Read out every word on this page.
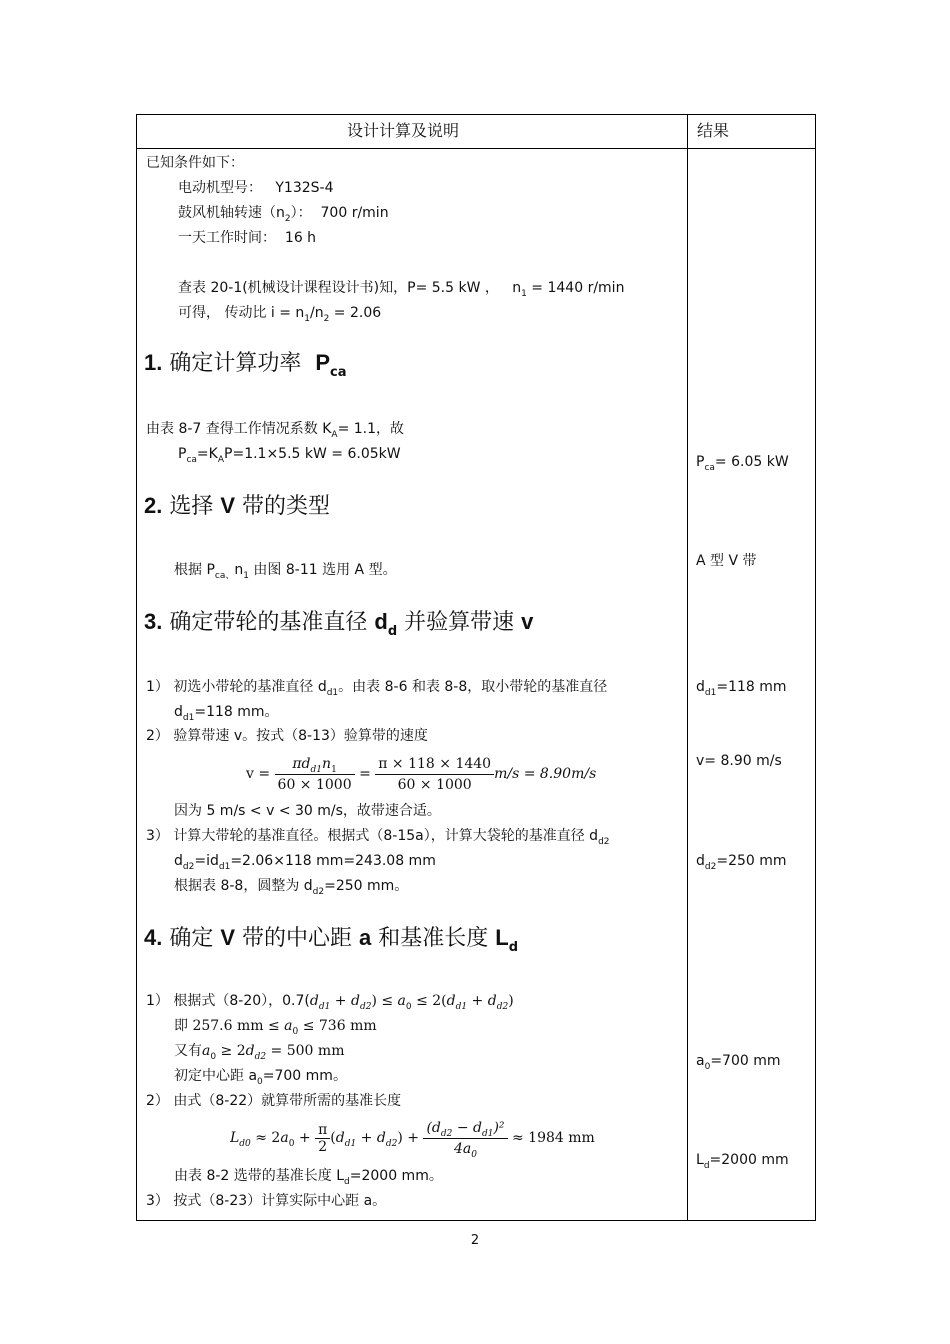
设计计算及说明	结果
已知条件如下：
电动机型号： Y132S-4
鼓风机轴转速$(n_2)$： 700 r/min
一天工作时间： 16 h
查表 20-1(机械设计课程设计书)知，P= 5.5 kW ， $n_1 = 1440$ r/min
可得， 传动比 $i = n_1/n_2 = 2.06$
1. 确定计算功率  $P_{ca}$
由表 8-7 查得工作情况系数 $K_A= 1.1$，故
$P_{ca}=K_AP=1.1\times 5.5$ kW = 6.05kW	$P_{ca}= 6.05$ kW
2. 选择 V 带的类型
根据 $P_{ca、}n_1$ 由图 8-11 选用 A 型。
A 型 V 带
3. 确定带轮的基准直径 $d_d$ 并验算带速 v
1） 初选小带轮的基准直径 $d_{d1}$。由表 8-6 和表 8-8，取小带轮的基准直径
$d_{d1}=118$ mm。
2） 验算带速 v。按式（8-13）验算带的速度
$v = \frac{\pi d_{d1}n_1}{60 \times 1000} = \frac{\pi \times 118 \times 1440}{60 \times 1000} m/s = 8.90m/s$
因为 5 m/s < v < 30 m/s，故带速合适。
3） 计算大带轮的基准直径。根据式（8-15a），计算大袋轮的基准直径 $d_{d2}$
$d_{d2}=id_{d1}=2.06\times 118$ mm=243.08 mm
根据表 8-8，圆整为 $d_{d2}=250$ mm。
$d_{d1}=118$ mm
v= 8.90 m/s
$d_{d2}=250$ mm
4. 确定 V 带的中心距 a 和基准长度 $L_d$
1） 根据式（8-20），$0.7(d_{d1} + d_{d2}) \le a_0 \le 2(d_{d1} + d_{d2})$
即 257.6 mm ≤ $a_0 \le 736$ mm
又有$a_0 \ge 2d_{d2} = 500$ mm
初定中心距 $a_0=700$ mm。
2） 由式（8-22）就算带所需的基准长度
$L_{d0} \approx 2a_0 + \frac{\pi}{2} (d_{d1} + d_{d2}) + \frac{(d_{d2} - d_{d1})^2}{4a_0} \approx 1984$ mm
由表 8-2 选带的基准长度 $L_d=2000$ mm。
3） 按式（8-23）计算实际中心距 a。
$a_0=700$ mm
$L_d=2000$ mm
2
